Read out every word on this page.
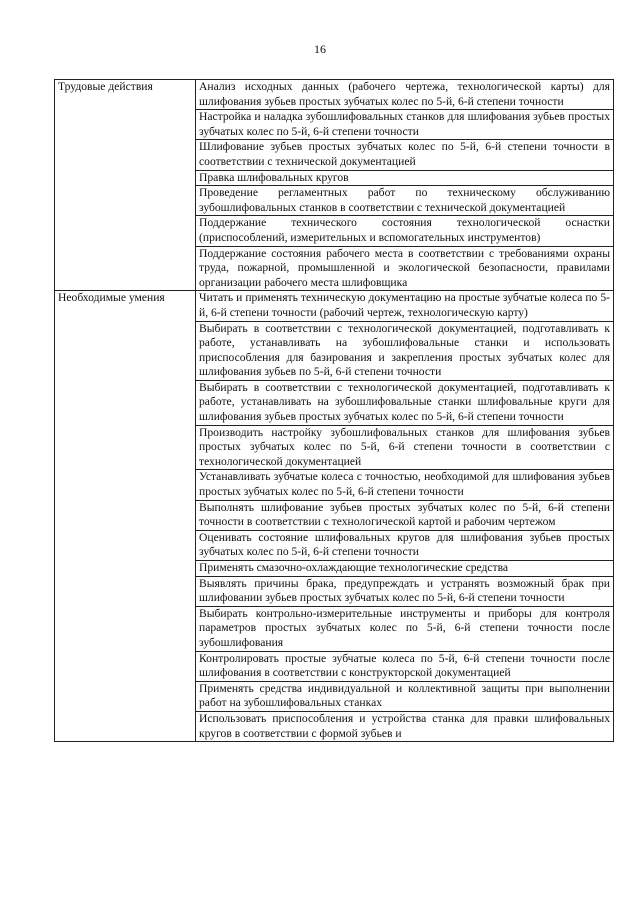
16
Трудовые действия	Анализ исходных данных (рабочего чертежа, технологической карты) для шлифования зубьев простых зубчатых колес по 5-й, 6-й степени точности
	Настройка и наладка зубошлифовальных станков для шлифования зубьев простых зубчатых колес по 5-й, 6-й степени точности
	Шлифование зубьев простых зубчатых колес по 5-й, 6-й степени точности в соответствии с технической документацией
	Правка шлифовальных кругов
	Проведение регламентных работ по техническому обслуживанию зубошлифовальных станков в соответствии с технической документацией
	Поддержание технического состояния технологической оснастки (приспособлений, измерительных и вспомогательных инструментов)
	Поддержание состояния рабочего места в соответствии с требованиями охраны труда, пожарной, промышленной и экологической безопасности, правилами организации рабочего места шлифовщика
Необходимые умения	Читать и применять техническую документацию на простые зубчатые колеса по 5-й, 6-й степени точности (рабочий чертеж, технологическую карту)
	Выбирать в соответствии с технологической документацией, подготавливать к работе, устанавливать на зубошлифовальные станки и использовать приспособления для базирования и закрепления простых зубчатых колес для шлифования зубьев по 5-й, 6-й степени точности
	Выбирать в соответствии с технологической документацией, подготавливать к работе, устанавливать на зубошлифовальные станки шлифовальные круги для шлифования зубьев простых зубчатых колес по 5-й, 6-й степени точности
	Производить настройку зубошлифовальных станков для шлифования зубьев простых зубчатых колес по 5-й, 6-й степени точности в соответствии с технологической документацией
	Устанавливать зубчатые колеса с точностью, необходимой для шлифования зубьев простых зубчатых колес по 5-й, 6-й степени точности
	Выполнять шлифование зубьев простых зубчатых колес по 5-й, 6-й степени точности в соответствии с технологической картой и рабочим чертежом
	Оценивать состояние шлифовальных кругов для шлифования зубьев простых зубчатых колес по 5-й, 6-й степени точности
	Применять смазочно-охлаждающие технологические средства
	Выявлять причины брака, предупреждать и устранять возможный брак при шлифовании зубьев простых зубчатых колес по 5-й, 6-й степени точности
	Выбирать контрольно-измерительные инструменты и приборы для контроля параметров простых зубчатых колес по 5-й, 6-й степени точности после зубошлифования
	Контролировать простые зубчатые колеса по 5-й, 6-й степени точности после шлифования в соответствии с конструкторской документацией
	Применять средства индивидуальной и коллективной защиты при выполнении работ на зубошлифовальных станках
	Использовать приспособления и устройства станка для правки шлифовальных кругов в соответствии с формой зубьев и
